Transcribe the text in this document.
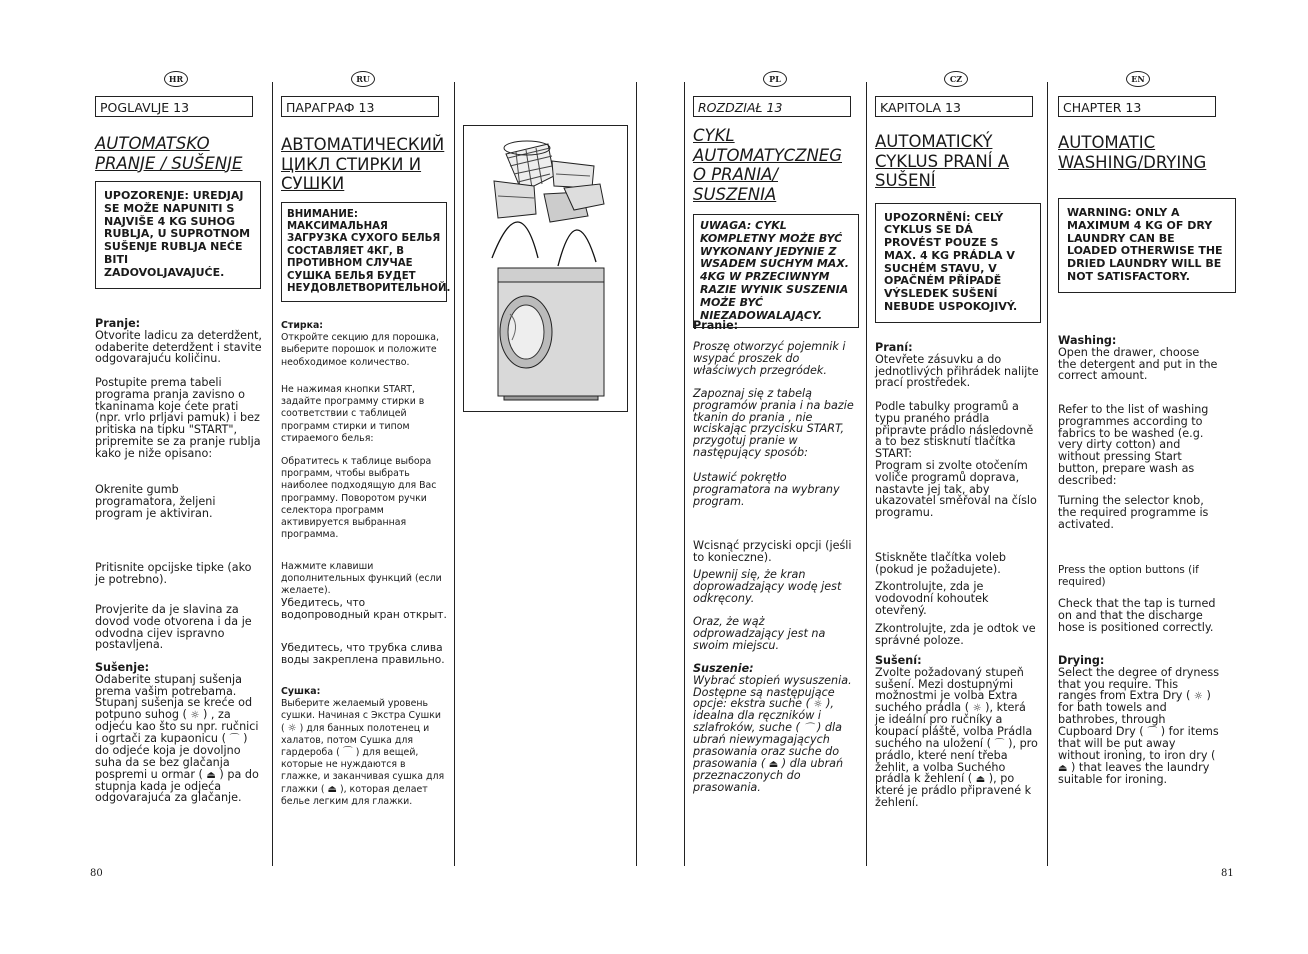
HR	RU	PL	CZ	EN
POGLAVLJE 13
AUTOMATSKO PRANJE / SUŠENJE
UPOZORENJE: UREDJAJ SE MOŽE NAPUNITI S NAJVIŠE 4 KG SUHOG RUBLJA, U SUPROTNOM SUŠENJE RUBLJA NEĆE BITI ZADOVOLJAVAJUĆE.
Pranje:
Otvorite ladicu za deterdžent, odaberite deterdžent i stavite odgovarajuću količinu.
Postupite prema tabeli programa pranja zavisno o tkaninama koje ćete prati (npr. vrlo prljavi pamuk) i bez pritiska na tipku "START", pripremite se za pranje rublja kako je niže opisano:
Okrenite gumb programatora, željeni program je aktiviran.
Pritisnite opcijske tipke (ako je potrebno).
Provjerite da je slavina za dovod vode otvorena i da je odvodna cijev ispravno postavljena.
Sušenje:
Odaberite stupanj sušenja prema vašim potrebama. Stupanj sušenja se kreće od potpuno suhog ( ☼ ) , za odjeću kao što su npr. ručnici i ogrtači za kupaonicu ( ⌒ ) do odjeće koja je dovoljno suha da se bez glačanja pospremi u ormar ( ⏏ ) pa do stupnja kada je odjeća odgovarajuća za glačanje.
ПАРАГРАФ 13
АВТОМАТИЧЕСКИЙ ЦИКЛ СТИРКИ И СУШКИ
ВНИМАНИЕ: МАКСИМАЛЬНАЯ ЗАГРУЗКА СУХОГО БЕЛЬЯ СОСТАВЛЯЕТ 4КГ, В ПРОТИВНОМ СЛУЧАЕ СУШКА БЕЛЬЯ БУДЕТ НЕУДОВЛЕТВОРИТЕЛЬНОЙ.
Стирка:
Откройте секцию для порошка, выберите порошок и положите необходимое количество.
Не нажимая кнопки START, задайте программу стирки в соответствии с таблицей программ стирки и типом стираемого белья:
Обратитесь к таблице выбора программ, чтобы выбрать наиболее подходящую для Вас программу. Поворотом ручки селектора программ активируется выбранная программа.
Нажмите клавиши дополнительных функций (если желаете).
Убедитесь, что водопроводный кран открыт.
Убедитесь, что трубка слива воды закреплена правильно.
Сушка:
Выберите желаемый уровень сушки. Начиная с Экстра Сушки ( ☼ ) для банных полотенец и халатов, потом Сушка для гардероба ( ⌒ ) для вещей, которые не нуждаются в глажке, и заканчивая сушка для глажки ( ⏏ ), которая делает белье легким для глажки.
ROZDZIAŁ 13
CYKL AUTOMATYCZNEG O PRANIA/ SUSZENIA
UWAGA: CYKL KOMPLETNY MOŻE BYĆ WYKONANY JEDYNIE Z WSADEM SUCHYM MAX. 4KG W PRZECIWNYM RAZIE WYNIK SUSZENIA MOŻE BYĆ NIEZADOWALAJĄCY.
Pranie:
Proszę otworzyć pojemnik i wsypać proszek do właściwych przegródek.
Zapoznaj się z tabelą programów prania i na bazie tkanin do prania , nie wciskając przycisku START, przygotuj pranie w następujący sposób:
Ustawić pokrętło programatora na wybrany program.
Wcisnąć przyciski opcji (jeśli to konieczne).
Upewnij się, że kran doprowadzający wodę jest odkręcony.
Oraz, że wąż odprowadzający jest na swoim miejscu.
Suszenie:
Wybrać stopień wysuszenia. Dostępne są następujące opcje: ekstra suche ( ☼ ), idealna dla ręczników i szlafroków, suche ( ⌒ ) dla ubrań niewymagających prasowania oraz suche do prasowania ( ⏏ ) dla ubrań przeznaczonych do prasowania.
KAPITOLA 13
AUTOMATICKÝ CYKLUS PRANÍ A SUŠENÍ
UPOZORNĚNÍ: CELÝ CYKLUS SE DÁ PROVÉST POUZE S MAX. 4 KG PRÁDLA V SUCHÉM STAVU, V OPAČNÉM PŘÍPADĚ VÝSLEDEK SUŠENÍ NEBUDE USPOKOJIVÝ.
Praní:
Otevřete zásuvku a do jednotlivých přihrádek nalijte prací prostředek.
Podle tabulky programů a typu praného prádla připravte prádlo následovně a to bez stisknutí tlačítka START:
Program si zvolte otočením voliče programů doprava, nastavte jej tak, aby ukazovatel směřoval na číslo programu.
Stiskněte tlačítka voleb (pokud je požadujete).
Zkontrolujte, zda je vodovodní kohoutek otevřený.
Zkontrolujte, zda je odtok ve správné poloze.
Sušení:
Zvolte požadovaný stupeň sušení. Mezi dostupnými možnostmi je volba Extra suchého prádla ( ☼ ), která je ideální pro ručníky a koupací pláště, volba Prádla suchého na uložení ( ⌒ ), pro prádlo, které není třeba žehlit, a volba Suchého prádla k žehlení ( ⏏ ), po které je prádlo připravené k žehlení.
CHAPTER 13
AUTOMATIC WASHING/DRYING
WARNING: ONLY A MAXIMUM 4 KG OF DRY LAUNDRY CAN BE LOADED OTHERWISE THE DRIED LAUNDRY WILL BE NOT SATISFACTORY.
Washing:
Open the drawer, choose the detergent and put in the correct amount.
Refer to the list of washing programmes according to fabrics to be washed (e.g. very dirty cotton) and without pressing Start button, prepare wash as described:
Turning the selector knob, the required programme is activated.
Press the option buttons (if required)
Check that the tap is turned on and that the discharge hose is positioned correctly.
Drying:
Select the degree of dryness that you require. This ranges from Extra Dry ( ☼ ) for bath towels and bathrobes, through Cupboard Dry ( ⌒ ) for items that will be put away without ironing, to iron dry ( ⏏ ) that leaves the laundry suitable for ironing.
80	81
